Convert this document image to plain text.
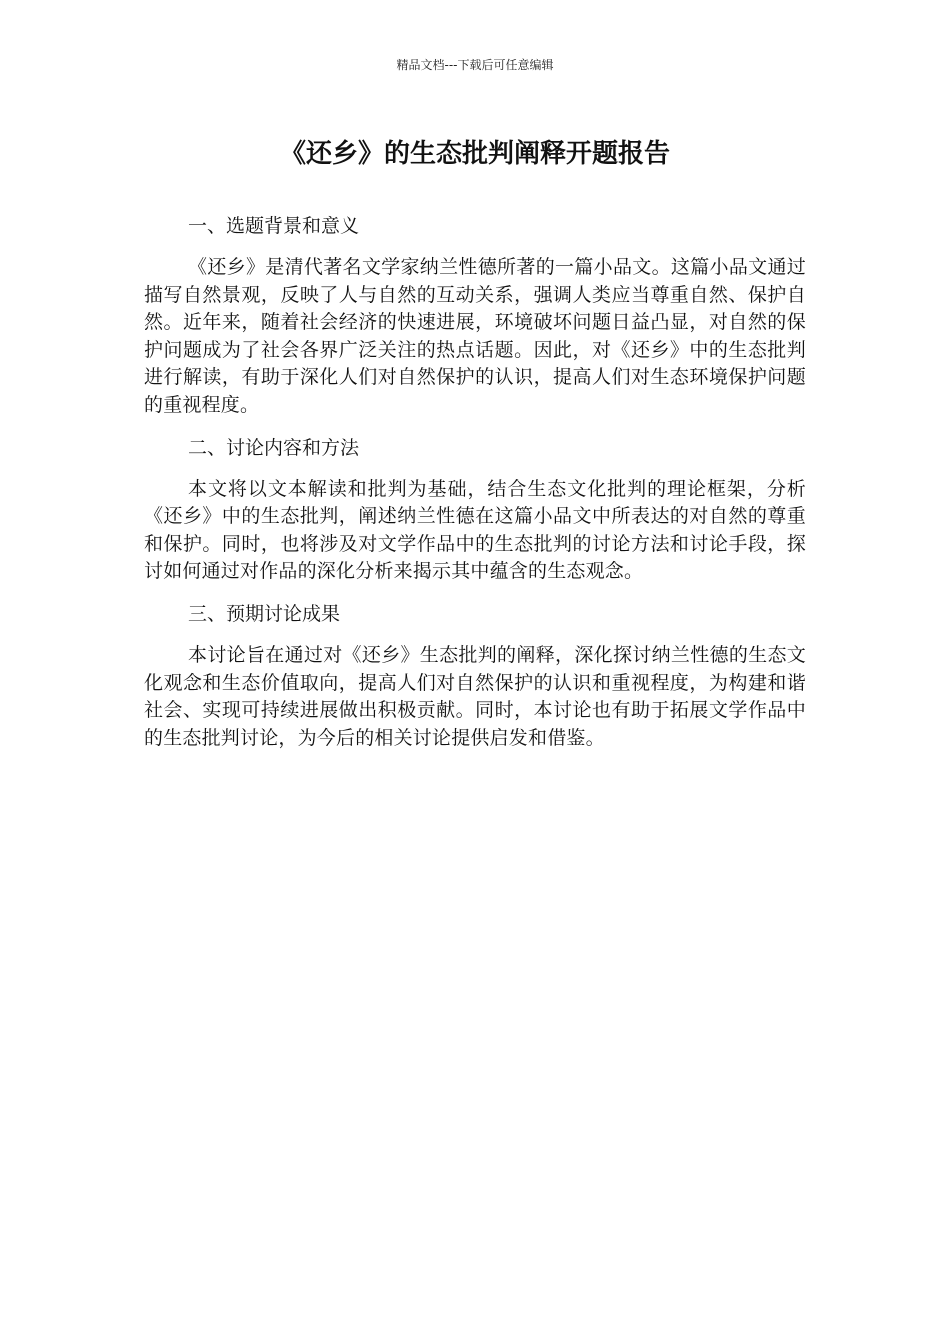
精品文档---下载后可任意编辑
《还乡》的生态批判阐释开题报告

一、选题背景和意义

《还乡》是清代著名文学家纳兰性德所著的一篇小品文。这篇小品文通过描写自然景观，反映了人与自然的互动关系，强调人类应当尊重自然、保护自然。近年来，随着社会经济的快速进展，环境破坏问题日益凸显，对自然的保护问题成为了社会各界广泛关注的热点话题。因此，对《还乡》中的生态批判进行解读，有助于深化人们对自然保护的认识，提高人们对生态环境保护问题的重视程度。

二、讨论内容和方法

本文将以文本解读和批判为基础，结合生态文化批判的理论框架，分析《还乡》中的生态批判，阐述纳兰性德在这篇小品文中所表达的对自然的尊重和保护。同时，也将涉及对文学作品中的生态批判的讨论方法和讨论手段，探讨如何通过对作品的深化分析来揭示其中蕴含的生态观念。

三、预期讨论成果

本讨论旨在通过对《还乡》生态批判的阐释，深化探讨纳兰性德的生态文化观念和生态价值取向，提高人们对自然保护的认识和重视程度，为构建和谐社会、实现可持续进展做出积极贡献。同时，本讨论也有助于拓展文学作品中的生态批判讨论，为今后的相关讨论提供启发和借鉴。
